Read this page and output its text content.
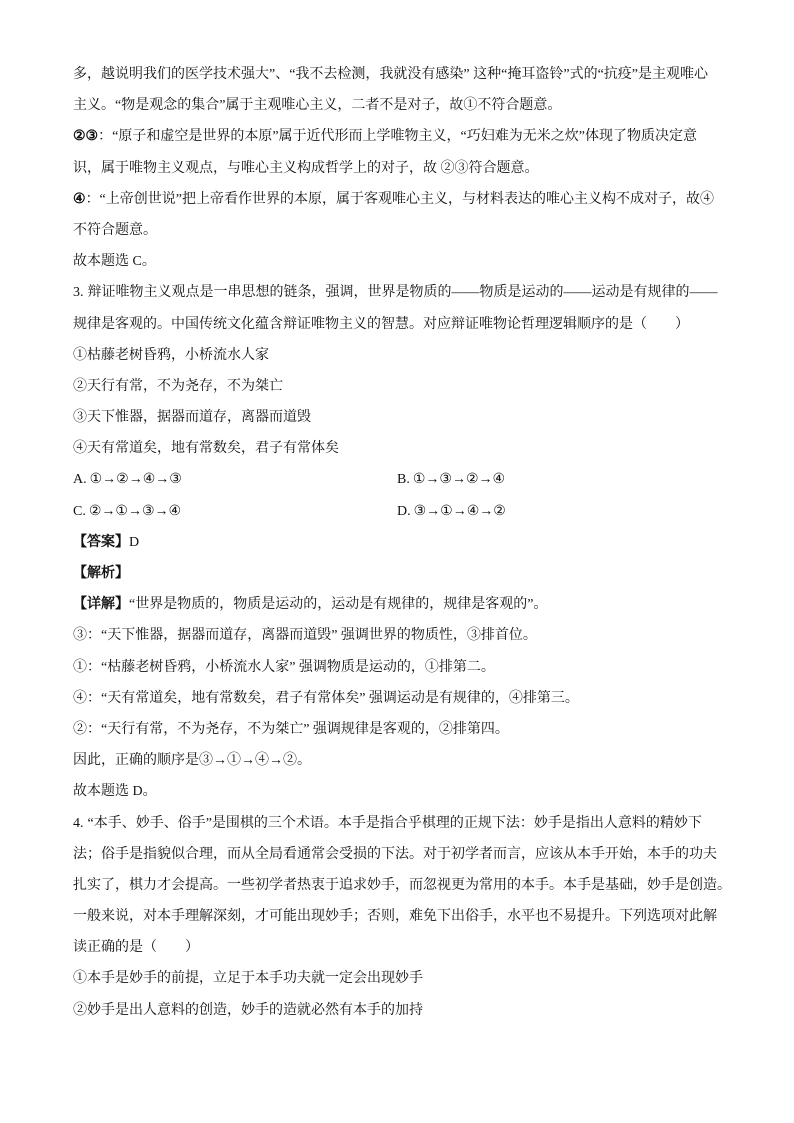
多，越说明我们的医学技术强大”、“我不去检测，我就没有感染” 这种“掩耳盗铃”式的“抗疫”是主观唯心
主义。“物是观念的集合”属于主观唯心主义，二者不是对子，故①不符合题意。
②③：“原子和虚空是世界的本原”属于近代形而上学唯物主义，“巧妇难为无米之炊”体现了物质决定意
识，属于唯物主义观点，与唯心主义构成哲学上的对子，故 ②③符合题意。
④：“上帝创世说”把上帝看作世界的本原，属于客观唯心主义，与材料表达的唯心主义构不成对子，故④
不符合题意。
故本题选 C。
3. 辩证唯物主义观点是一串思想的链条，强调，世界是物质的——物质是运动的——运动是有规律的——
规律是客观的。中国传统文化蕴含辩证唯物主义的智慧。对应辩证唯物论哲理逻辑顺序的是（　　）
①枯藤老树昏鸦，小桥流水人家
②天行有常，不为尧存，不为桀亡
③天下惟器，据器而道存，离器而道毁
④天有常道矣，地有常数矣，君子有常体矣
A. ①→②→④→③	B. ①→③→②→④
C. ②→①→③→④	D. ③→①→④→②
【答案】D
【解析】
【详解】“世界是物质的，物质是运动的，运动是有规律的，规律是客观的”。
③：“天下惟器，据器而道存，离器而道毁” 强调世界的物质性，③排首位。
①：“枯藤老树昏鸦，小桥流水人家” 强调物质是运动的，①排第二。
④：“天有常道矣，地有常数矣，君子有常体矣” 强调运动是有规律的，④排第三。
②：“天行有常，不为尧存，不为桀亡” 强调规律是客观的，②排第四。
因此，正确的顺序是③→①→④→②。
故本题选 D。
4. “本手、妙手、俗手”是围棋的三个术语。本手是指合乎棋理的正规下法：妙手是指出人意料的精妙下
法；俗手是指貌似合理，而从全局看通常会受损的下法。对于初学者而言，应该从本手开始，本手的功夫
扎实了，棋力才会提高。一些初学者热衷于追求妙手，而忽视更为常用的本手。本手是基础，妙手是创造。
一般来说，对本手理解深刻，才可能出现妙手；否则，难免下出俗手，水平也不易提升。下列选项对此解
读正确的是（　　）
①本手是妙手的前提，立足于本手功夫就一定会出现妙手
②妙手是出人意料的创造，妙手的造就必然有本手的加持
